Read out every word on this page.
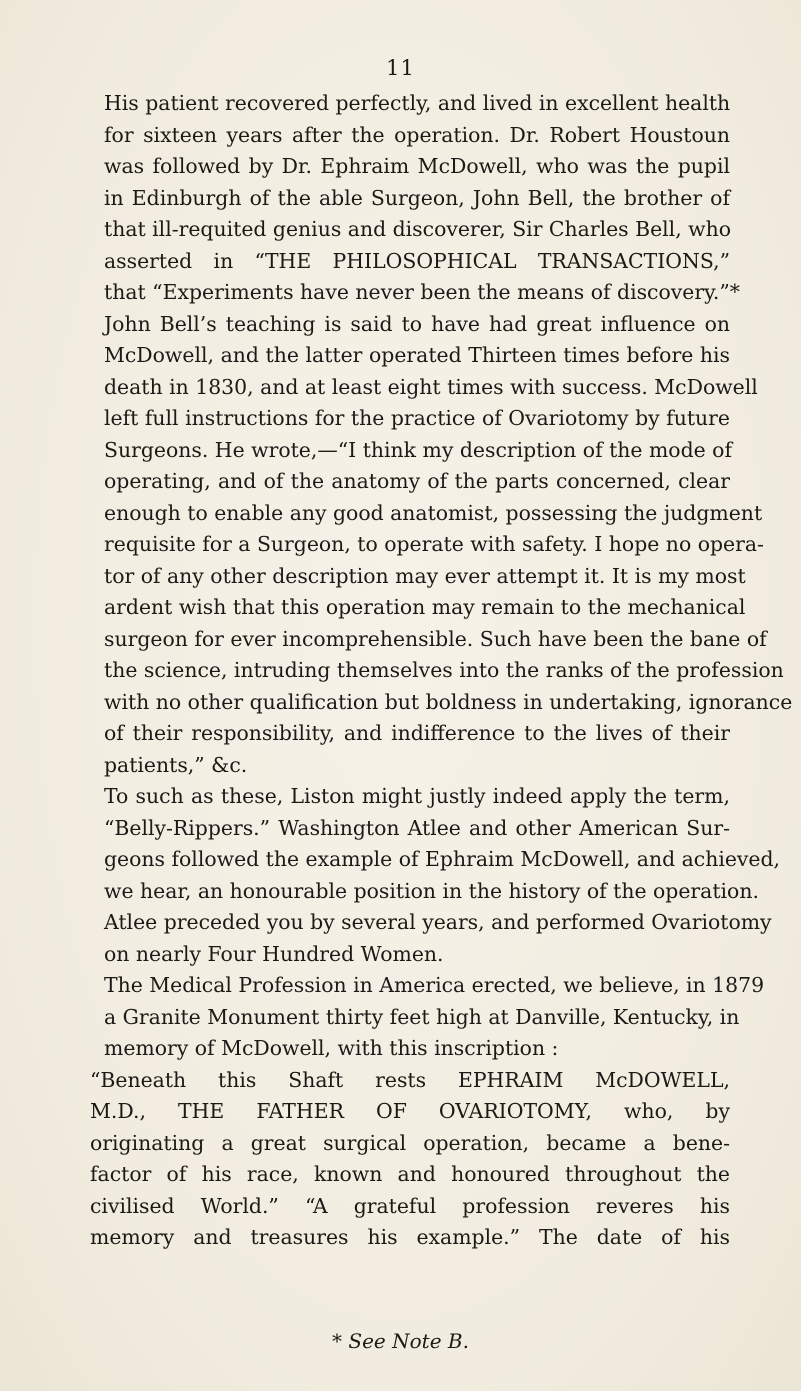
11

His patient recovered perfectly, and lived in excellent health
for sixteen years after the operation. Dr. Robert Houstoun
was followed by Dr. Ephraim McDowell, who was the pupil
in Edinburgh of the able Surgeon, John Bell, the brother of
that ill-requited genius and discoverer, Sir Charles Bell, who
asserted in “THE PHILOSOPHICAL TRANSACTIONS,”
that “Experiments have never been the means of discovery.”*
John Bell’s teaching is said to have had great influence on
McDowell, and the latter operated Thirteen times before his
death in 1830, and at least eight times with success. McDowell
left full instructions for the practice of Ovariotomy by future
Surgeons. He wrote,—“I think my description of the mode of
operating, and of the anatomy of the parts concerned, clear
enough to enable any good anatomist, possessing the judgment
requisite for a Surgeon, to operate with safety. I hope no opera-
tor of any other description may ever attempt it. It is my most
ardent wish that this operation may remain to the mechanical
surgeon for ever incomprehensible. Such have been the bane of
the science, intruding themselves into the ranks of the profession
with no other qualification but boldness in undertaking, ignorance
of their responsibility, and indifference to the lives of their
patients,” &c.

To such as these, Liston might justly indeed apply the term,
“Belly-Rippers.” Washington Atlee and other American Sur-
geons followed the example of Ephraim McDowell, and achieved,
we hear, an honourable position in the history of the operation.
Atlee preceded you by several years, and performed Ovariotomy
on nearly Four Hundred Women.

The Medical Profession in America erected, we believe, in 1879
a Granite Monument thirty feet high at Danville, Kentucky, in
memory of McDowell, with this inscription :

“Beneath this Shaft rests EPHRAIM McDOWELL,
M.D., THE FATHER OF OVARIOTOMY, who, by
originating a great surgical operation, became a bene-
factor of his race, known and honoured throughout the
civilised World.” “A grateful profession reveres his
memory and treasures his example.” The date of his

* See Note B.
